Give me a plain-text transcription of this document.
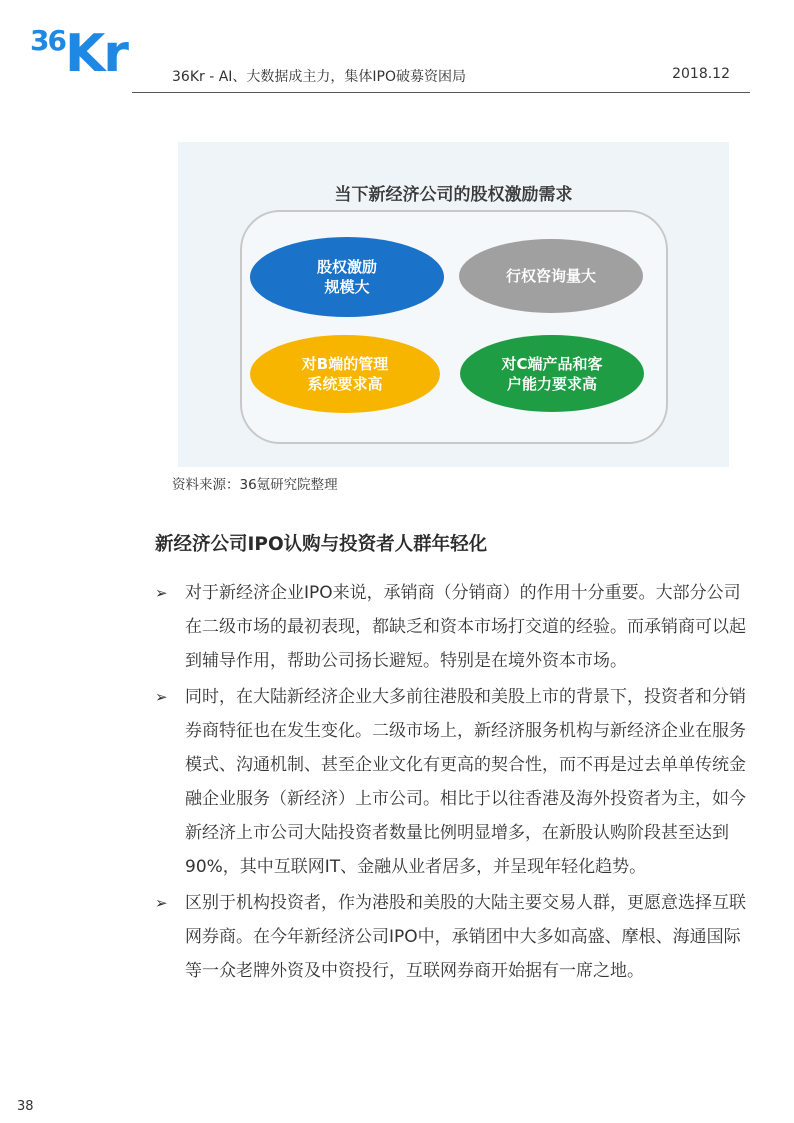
36Kr	36Kr - AI、大数据成主力，集体IPO破募资困局	2018.12
当下新经济公司的股权激励需求
股权激励
规模大
行权咨询量大
对B端的管理
系统要求高
对C端产品和客
户能力要求高
资料来源：36氪研究院整理
新经济公司IPO认购与投资者人群年轻化
➢ 对于新经济企业IPO来说，承销商（分销商）的作用十分重要。大部分公司在二级市场的最初表现，都缺乏和资本市场打交道的经验。而承销商可以起到辅导作用，帮助公司扬长避短。特别是在境外资本市场。
➢ 同时，在大陆新经济企业大多前往港股和美股上市的背景下，投资者和分销券商特征也在发生变化。二级市场上，新经济服务机构与新经济企业在服务模式、沟通机制、甚至企业文化有更高的契合性，而不再是过去单单传统金融企业服务（新经济）上市公司。相比于以往香港及海外投资者为主，如今新经济上市公司大陆投资者数量比例明显增多，在新股认购阶段甚至达到90%，其中互联网IT、金融从业者居多，并呈现年轻化趋势。
➢ 区别于机构投资者，作为港股和美股的大陆主要交易人群，更愿意选择互联网券商。在今年新经济公司IPO中，承销团中大多如高盛、摩根、海通国际等一众老牌外资及中资投行，互联网券商开始据有一席之地。
38
